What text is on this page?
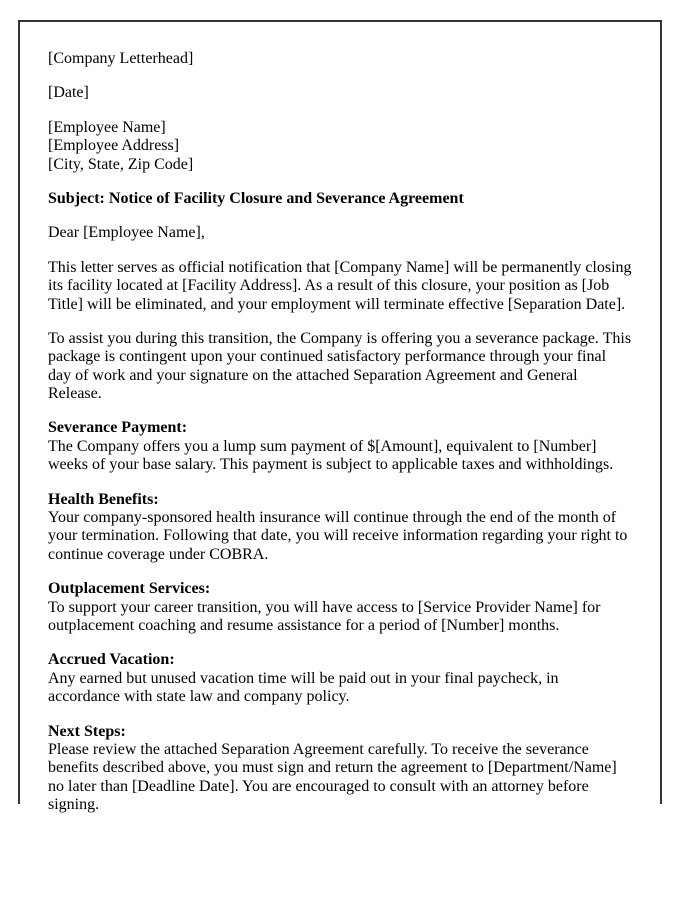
[Company Letterhead]

[Date]

[Employee Name]
[Employee Address]
[City, State, Zip Code]

Subject: Notice of Facility Closure and Severance Agreement

Dear [Employee Name],

This letter serves as official notification that [Company Name] will be permanently closing its facility located at [Facility Address]. As a result of this closure, your position as [Job Title] will be eliminated, and your employment will terminate effective [Separation Date].

To assist you during this transition, the Company is offering you a severance package. This package is contingent upon your continued satisfactory performance through your final day of work and your signature on the attached Separation Agreement and General Release.

Severance Payment:
The Company offers you a lump sum payment of $[Amount], equivalent to [Number] weeks of your base salary. This payment is subject to applicable taxes and withholdings.

Health Benefits:
Your company-sponsored health insurance will continue through the end of the month of your termination. Following that date, you will receive information regarding your right to continue coverage under COBRA.

Outplacement Services:
To support your career transition, you will have access to [Service Provider Name] for outplacement coaching and resume assistance for a period of [Number] months.

Accrued Vacation:
Any earned but unused vacation time will be paid out in your final paycheck, in accordance with state law and company policy.

Next Steps:
Please review the attached Separation Agreement carefully. To receive the severance benefits described above, you must sign and return the agreement to [Department/Name] no later than [Deadline Date]. You are encouraged to consult with an attorney before signing.
